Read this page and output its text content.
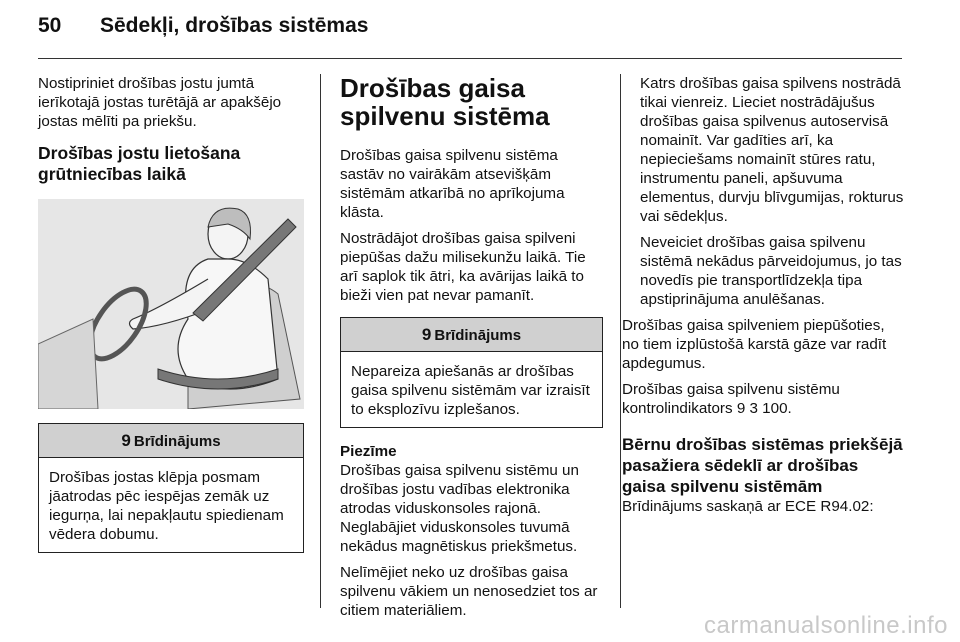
50 Sēdekļi, drošības sistēmas

Nostipriniet drošības jostu jumtā ierīkotajā jostas turētājā ar apakšējo jostas mēlīti pa priekšu.

Drošības jostu lietošana grūtniecības laikā
9 Brīdinājums
Drošības jostas klēpja posmam jāatrodas pēc iespējas zemāk uz iegurņa, lai nepakļautu spiedienam vēdera dobumu.
Drošības gaisa spilvenu sistēma

Drošības gaisa spilvenu sistēma sastāv no vairākām atsevišķām sistēmām atkarībā no aprīkojuma klāsta.

Nostrādājot drošības gaisa spilveni piepūšas dažu milisekunžu laikā. Tie arī saplok tik ātri, ka avārijas laikā to bieži vien pat nevar pamanīt.

9 Brīdinājums
Nepareiza apiešanās ar drošības gaisa spilvenu sistēmām var izraisīt to eksplozīvu izplešanos.
Piezīme

Drošības gaisa spilvenu sistēmu un drošības jostu vadības elektronika atrodas viduskonsoles rajonā. Neglabājiet viduskonsoles tuvumā nekādus magnētiskus priekšmetus.

Nelīmējiet neko uz drošības gaisa spilvenu vākiem un nenosedziet tos ar citiem materiāliem.

Katrs drošības gaisa spilvens nostrādā tikai vienreiz. Lieciet nostrādājušus drošības gaisa spilvenus autoservisā nomainīt. Var gadīties arī, ka nepieciešams nomainīt stūres ratu, instrumentu paneli, apšuvuma elementus, durvju blīvgumijas, rokturus vai sēdekļus.

Neveiciet drošības gaisa spilvenu sistēmā nekādus pārveidojumus, jo tas novedīs pie transportlīdzekļa tipa apstiprinājuma anulēšanas.

Drošības gaisa spilveniem piepūšoties, no tiem izplūstošā karstā gāze var radīt apdegumus.

Drošības gaisa spilvenu sistēmu kontrolindikators 9 3 100.

Bērnu drošības sistēmas priekšējā pasažiera sēdeklī ar drošības gaisa spilvenu sistēmām

Brīdinājums saskaņā ar ECE R94.02:

carmanualsonline.info
